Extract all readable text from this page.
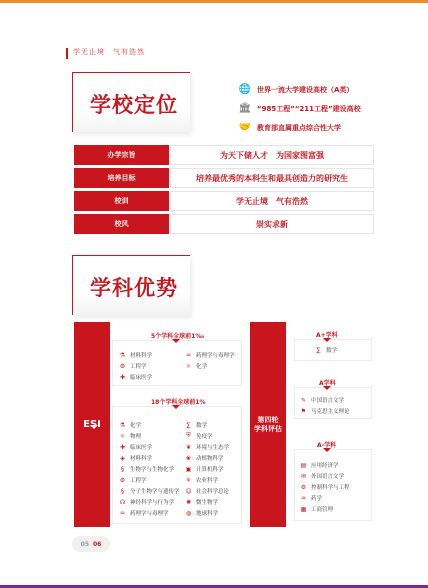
学无止境　气有浩然
学校定位
🌐 世界一流大学建设高校（A类）
🏛 “985工程”“211工程”建设高校
🤝 教育部直属重点综合性大学
办学宗旨	为天下储人才　为国家图富强
培养目标	培养最优秀的本科生和最具创造力的研究生
校训	学无止境　气有浩然
校风	崇实求新
学科优势
ESI
5个学科全球前1‰
⚗ 材料科学
⚙ 工程学
✚ 临床医学
♒ 药理学与毒理学
⚛ 化学
18个学科全球前1%
⚗ 化学
⚛ 物理
✚ 临床医学
◈ 材料科学
§	生物学与生物化学
⚙ 工程学
§	分子生物学与遗传学
☊ 神经科学与行为学
♒ 药理学与毒理学
∑ 数学
⛨ 免疫学
❦ 环境与生态学
❀ 动植物科学
▣ 计算机科学
⚘ 农业科学
☺ 社会科学总论
✺ 微生物学
◍ 地球科学
第四轮
学科评估
A+学科
∑ 数学
A学科
✎ 中国语言文学
⚑ 马克思主义理论
A-学科
▤ 应用经济学
✉ 外国语言文学
⚙ 控制科学与工程
♒ 药学
▦ 工商管理
05 06
